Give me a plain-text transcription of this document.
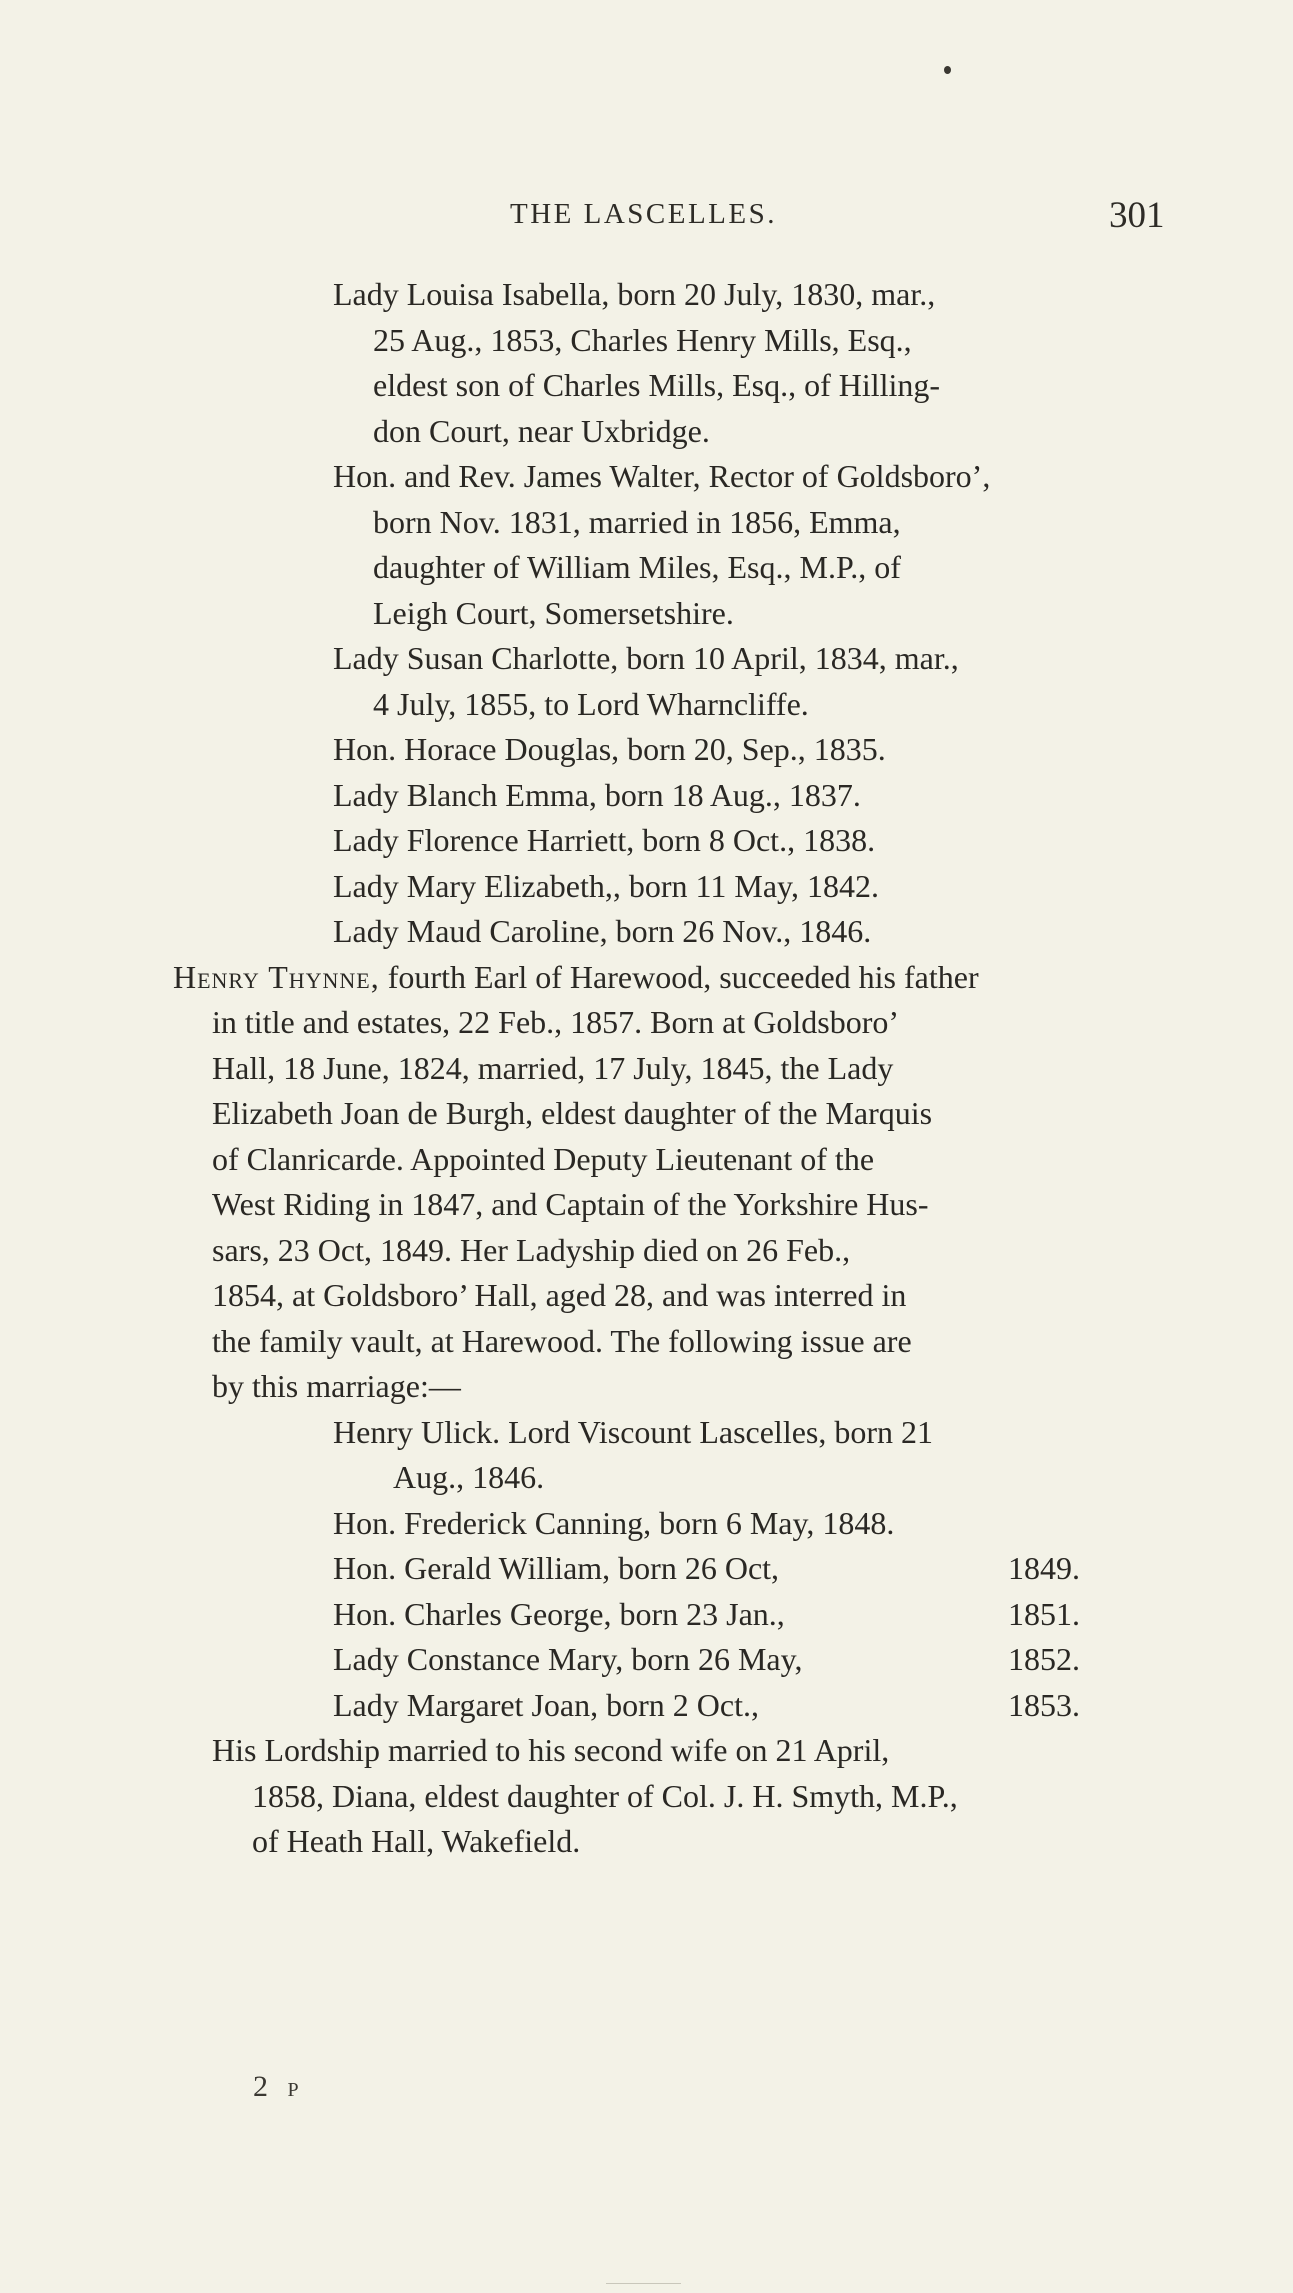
THE LASCELLES.	301
Lady Louisa Isabella, born 20 July, 1830, mar.,
25 Aug., 1853, Charles Henry Mills, Esq.,
eldest son of Charles Mills, Esq., of Hilling-
don Court, near Uxbridge.
Hon. and Rev. James Walter, Rector of Goldsboro’,
born Nov. 1831, married in 1856, Emma,
daughter of William Miles, Esq., M.P., of
Leigh Court, Somersetshire.
Lady Susan Charlotte, born 10 April, 1834, mar.,
4 July, 1855, to Lord Wharncliffe.
Hon. Horace Douglas, born 20, Sep., 1835.
Lady Blanch Emma, born 18 Aug., 1837.
Lady Florence Harriett, born 8 Oct., 1838.
Lady Mary Elizabeth,, born 11 May, 1842.
Lady Maud Caroline, born 26 Nov., 1846.
Henry Thynne, fourth Earl of Harewood, succeeded his father
in title and estates, 22 Feb., 1857. Born at Goldsboro’
Hall, 18 June, 1824, married, 17 July, 1845, the Lady
Elizabeth Joan de Burgh, eldest daughter of the Marquis
of Clanricarde. Appointed Deputy Lieutenant of the
West Riding in 1847, and Captain of the Yorkshire Hus-
sars, 23 Oct, 1849. Her Ladyship died on 26 Feb.,
1854, at Goldsboro’ Hall, aged 28, and was interred in
the family vault, at Harewood. The following issue are
by this marriage:—
Henry Ulick. Lord Viscount Lascelles, born 21
Aug., 1846.
Hon. Frederick Canning, born 6 May, 1848.
Hon. Gerald William, born 26 Oct,	1849.
Hon. Charles George, born 23 Jan.,	1851.
Lady Constance Mary, born 26 May,	1852.
Lady Margaret Joan, born 2 Oct.,	1853.
His Lordship married to his second wife on 21 April,
1858, Diana, eldest daughter of Col. J. H. Smyth, M.P.,
of Heath Hall, Wakefield.
2 P
